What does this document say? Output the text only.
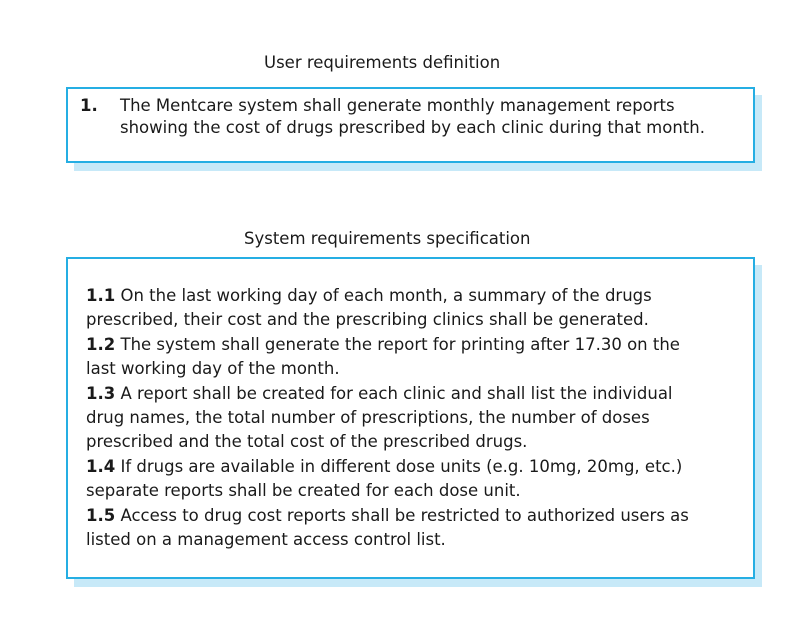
User requirements definition
1. The Mentcare system shall generate monthly management reports
showing the cost of drugs prescribed by each clinic during that month.
System requirements specification
1.1 On the last working day of each month, a summary of the drugs
prescribed, their cost and the prescribing clinics shall be generated.
1.2 The system shall generate the report for printing after 17.30 on the
last working day of the month.
1.3 A report shall be created for each clinic and shall list the individual
drug names, the total number of prescriptions, the number of doses
prescribed and the total cost of the prescribed drugs.
1.4 If drugs are available in different dose units (e.g. 10mg, 20mg, etc.)
separate reports shall be created for each dose unit.
1.5 Access to drug cost reports shall be restricted to authorized users as
listed on a management access control list.
